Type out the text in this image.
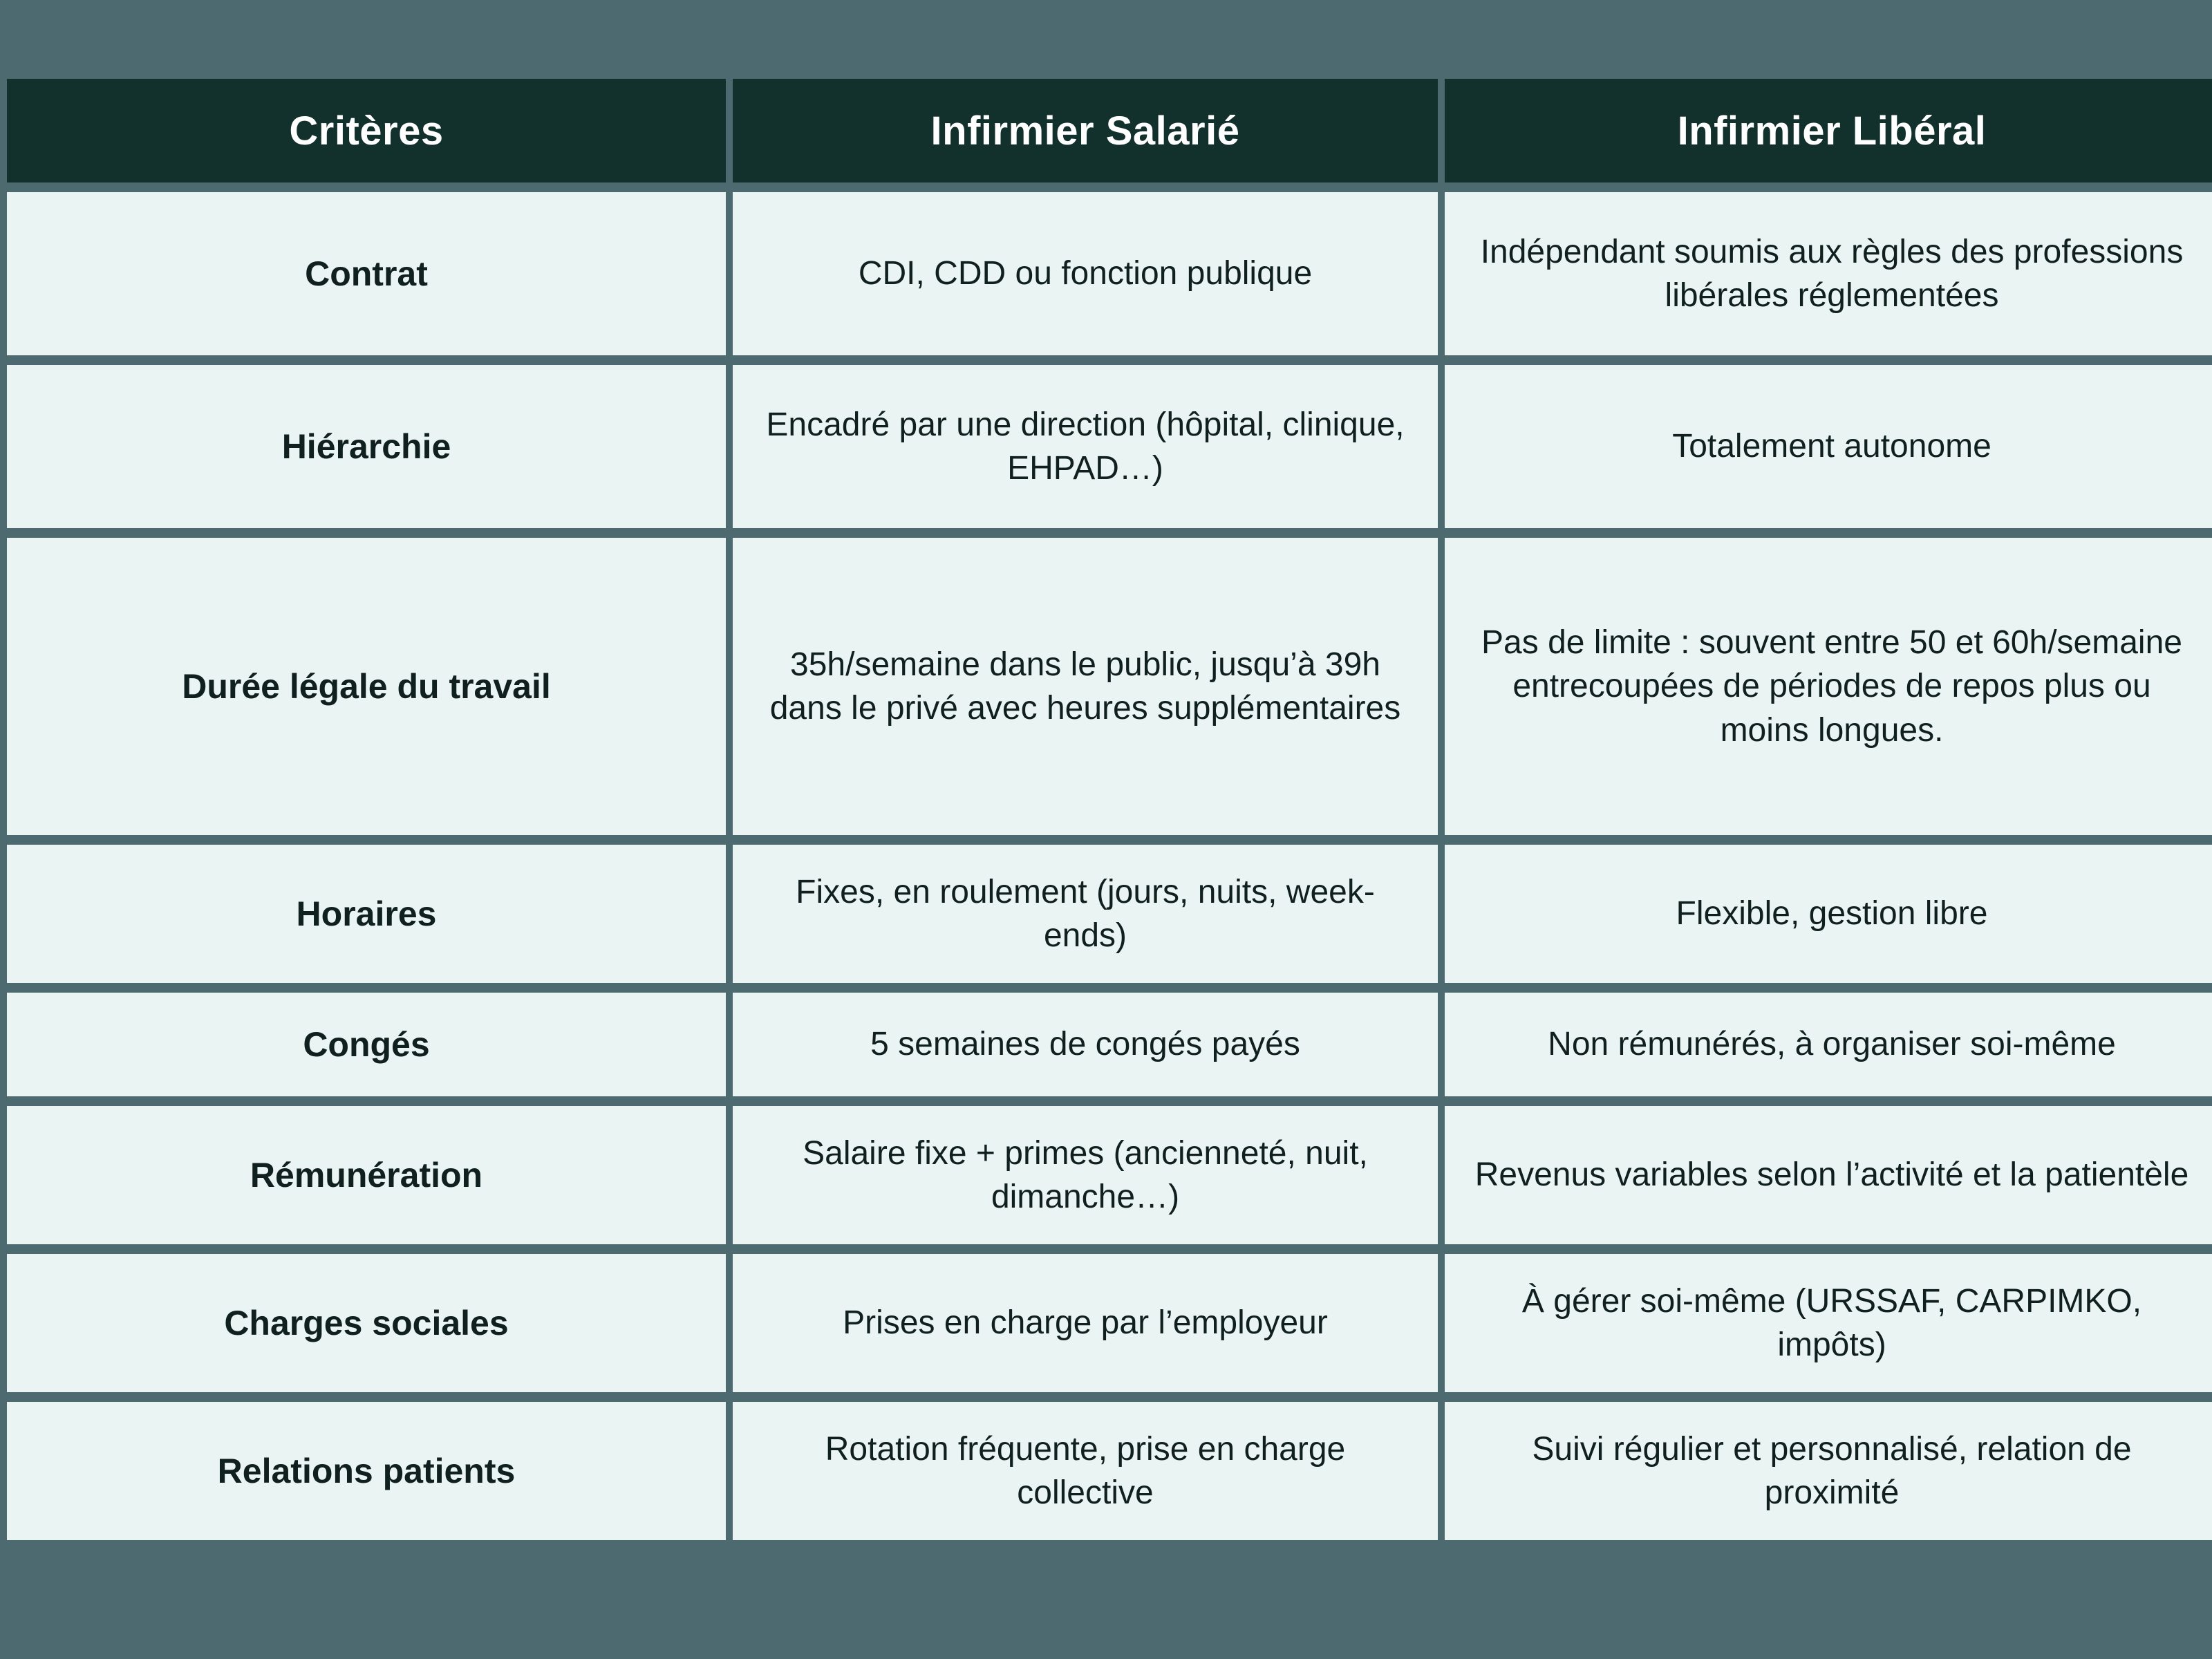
Critères	Infirmier Salarié	Infirmier Libéral
Contrat	CDI, CDD ou fonction publique	Indépendant soumis aux règles des professions libérales réglementées
Hiérarchie	Encadré par une direction (hôpital, clinique, EHPAD…)	Totalement autonome
Durée légale du travail	35h/semaine dans le public, jusqu’à 39h dans le privé avec heures supplémentaires	Pas de limite : souvent entre 50 et 60h/semaine entrecoupées de périodes de repos plus ou moins longues.
Horaires	Fixes, en roulement (jours, nuits, week-ends)	Flexible, gestion libre
Congés	5 semaines de congés payés	Non rémunérés, à organiser soi-même
Rémunération	Salaire fixe + primes (ancienneté, nuit, dimanche…)	Revenus variables selon l’activité et la patientèle
Charges sociales	Prises en charge par l’employeur	À gérer soi-même (URSSAF, CARPIMKO, impôts)
Relations patients	Rotation fréquente, prise en charge collective	Suivi régulier et personnalisé, relation de proximité
